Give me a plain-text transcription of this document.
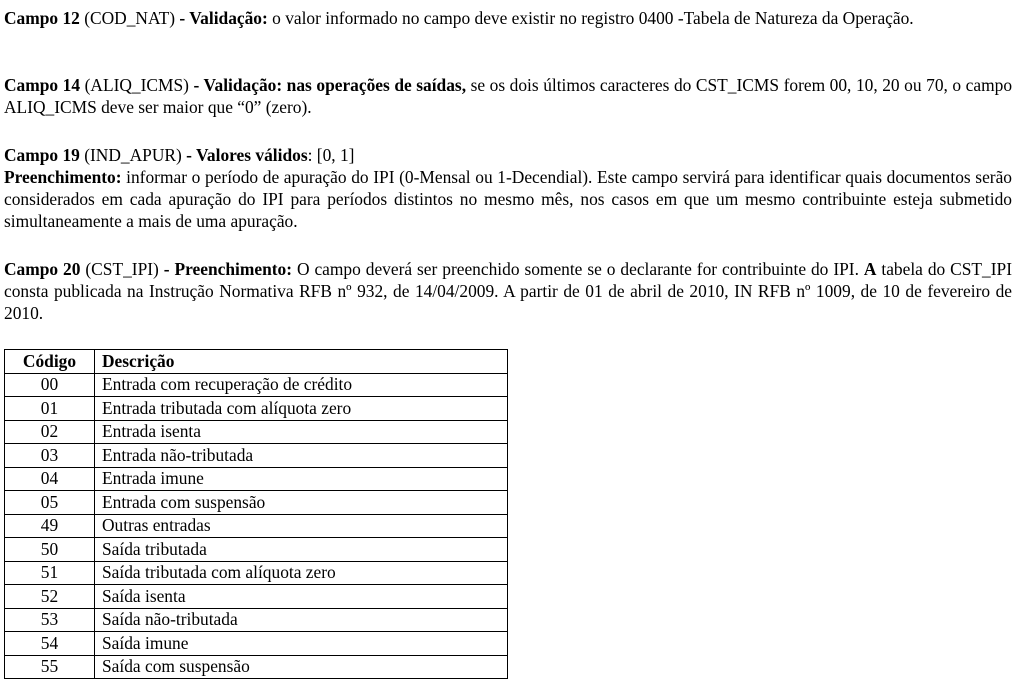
Campo 12 (COD_NAT) - Validação: o valor informado no campo deve existir no registro 0400 -Tabela de Natureza da Operação.

Campo 14 (ALIQ_ICMS) - Validação: nas operações de saídas, se os dois últimos caracteres do CST_ICMS forem 00, 10, 20 ou 70, o campo ALIQ_ICMS deve ser maior que “0” (zero).

Campo 19 (IND_APUR) - Valores válidos: [0, 1]
Preenchimento: informar o período de apuração do IPI (0-Mensal ou 1-Decendial). Este campo servirá para identificar quais documentos serão considerados em cada apuração do IPI para períodos distintos no mesmo mês, nos casos em que um mesmo contribuinte esteja submetido simultaneamente a mais de uma apuração.

Campo 20 (CST_IPI) - Preenchimento: O campo deverá ser preenchido somente se o declarante for contribuinte do IPI. A tabela do CST_IPI consta publicada na Instrução Normativa RFB nº 932, de 14/04/2009. A partir de 01 de abril de 2010, IN RFB nº 1009, de 10 de fevereiro de 2010.

Código	Descrição
00	Entrada com recuperação de crédito
01	Entrada tributada com alíquota zero
02	Entrada isenta
03	Entrada não-tributada
04	Entrada imune
05	Entrada com suspensão
49	Outras entradas
50	Saída tributada
51	Saída tributada com alíquota zero
52	Saída isenta
53	Saída não-tributada
54	Saída imune
55	Saída com suspensão
